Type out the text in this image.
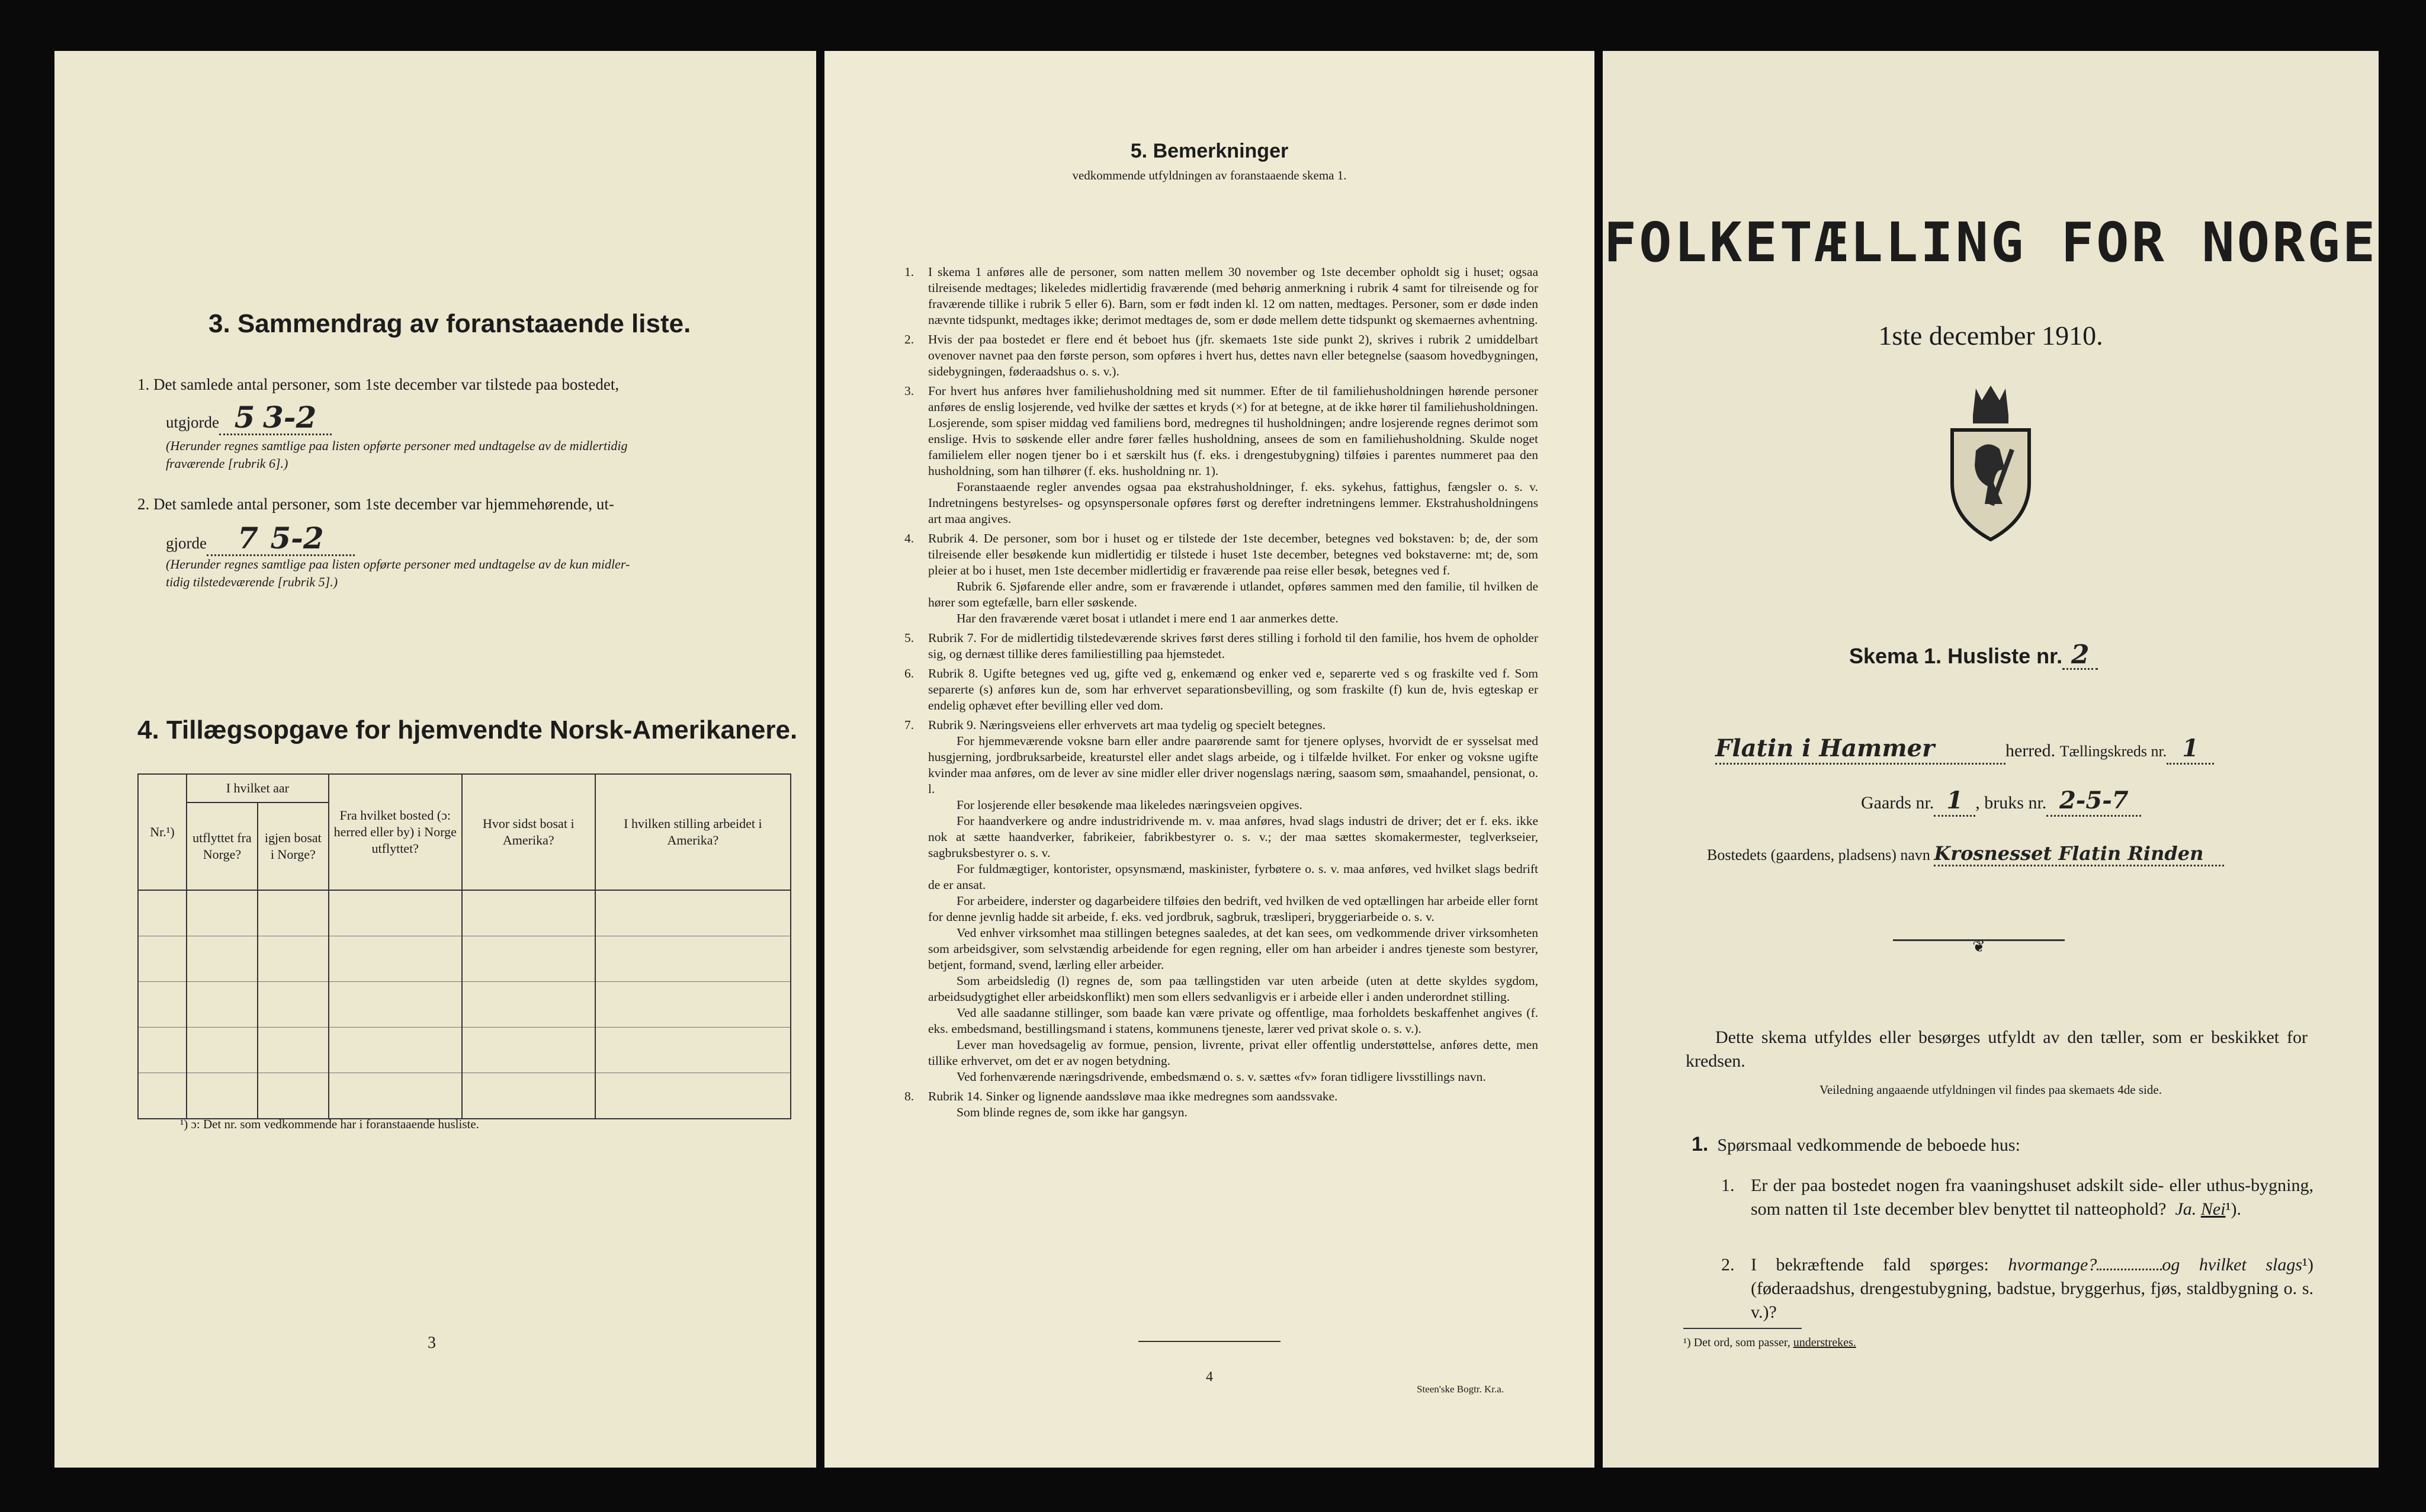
3. Sammendrag av foranstaaende liste.
1. Det samlede antal personer, som 1ste december var tilstede paa bostedet,
utgjorde 5 3-2
(Herunder regnes samtlige paa listen opførte personer med undtagelse av de midlertidig
fraværende [rubrik 6].)
2. Det samlede antal personer, som 1ste december var hjemmehørende, ut-
gjorde 7 5-2
(Herunder regnes samtlige paa listen opførte personer med undtagelse av de kun midler-
tidig tilstedeværende [rubrik 5].)
4. Tillægsopgave for hjemvendte Norsk-Amerikanere.
Nr.¹)	I hvilket aar		Fra hvilket bosted (ɔ: herred eller by) i Norge utflyttet?	Hvor sidst bosat i Amerika?	I hvilken stilling arbeidet i Amerika?
	utflyttet fra Norge?	igjen bosat i Norge?			

¹) ɔ: Det nr. som vedkommende har i foranstaaende husliste.
3
5. Bemerkninger
vedkommende utfyldningen av foranstaaende skema 1.
1. I skema 1 anføres alle de personer, som natten mellem 30 november og 1ste december opholdt sig i huset; ogsaa tilreisende medtages; likeledes midlertidig fraværende (med behørig anmerkning i rubrik 4 samt for tilreisende og for fraværende tillike i rubrik 5 eller 6). Barn, som er født inden kl. 12 om natten, medtages. Personer, som er døde inden nævnte tidspunkt, medtages ikke; derimot medtages de, som er døde mellem dette tidspunkt og skemaernes avhentning.

2. Hvis der paa bostedet er flere end ét beboet hus (jfr. skemaets 1ste side punkt 2), skrives i rubrik 2 umiddelbart ovenover navnet paa den første person, som opføres i hvert hus, dettes navn eller betegnelse (saasom hovedbygningen, sidebygningen, føderaadshus o. s. v.).

3. For hvert hus anføres hver familiehusholdning med sit nummer. Efter de til familiehusholdningen hørende personer anføres de enslig losjerende, ved hvilke der sættes et kryds (×) for at betegne, at de ikke hører til familiehusholdningen. Losjerende, som spiser middag ved familiens bord, medregnes til husholdningen; andre losjerende regnes derimot som enslige. Hvis to søskende eller andre fører fælles husholdning, ansees de som en familiehusholdning. Skulde noget familielem eller nogen tjener bo i et særskilt hus (f. eks. i drengestubygning) tilføies i parentes nummeret paa den husholdning, som han tilhører (f. eks. husholdning nr. 1).

Foranstaaende regler anvendes ogsaa paa ekstrahusholdninger, f. eks. sykehus, fattighus, fængsler o. s. v. Indretningens bestyrelses- og opsynspersonale opføres først og derefter indretningens lemmer. Ekstrahusholdningens art maa angives.

4. Rubrik 4. De personer, som bor i huset og er tilstede der 1ste december, betegnes ved bokstaven: b; de, der som tilreisende eller besøkende kun midlertidig er tilstede i huset 1ste december, betegnes ved bokstaverne: mt; de, som pleier at bo i huset, men 1ste december midlertidig er fraværende paa reise eller besøk, betegnes ved f.

Rubrik 6. Sjøfarende eller andre, som er fraværende i utlandet, opføres sammen med den familie, til hvilken de hører som egtefælle, barn eller søskende.

Har den fraværende været bosat i utlandet i mere end 1 aar anmerkes dette.

5. Rubrik 7. For de midlertidig tilstedeværende skrives først deres stilling i forhold til den familie, hos hvem de opholder sig, og dernæst tillike deres familiestilling paa hjemstedet.

6. Rubrik 8. Ugifte betegnes ved ug, gifte ved g, enkemænd og enker ved e, separerte ved s og fraskilte ved f. Som separerte (s) anføres kun de, som har erhvervet separationsbevilling, og som fraskilte (f) kun de, hvis egteskap er endelig ophævet efter bevilling eller ved dom.

7. Rubrik 9. Næringsveiens eller erhvervets art maa tydelig og specielt betegnes.

For hjemmeværende voksne barn eller andre paarørende samt for tjenere oplyses, hvorvidt de er sysselsat med husgjerning, jordbruksarbeide, kreaturstel eller andet slags arbeide, og i tilfælde hvilket. For enker og voksne ugifte kvinder maa anføres, om de lever av sine midler eller driver nogenslags næring, saasom søm, smaahandel, pensionat, o. l.

For losjerende eller besøkende maa likeledes næringsveien opgives.

For haandverkere og andre industridrivende m. v. maa anføres, hvad slags industri de driver; det er f. eks. ikke nok at sætte haandverker, fabrikeier, fabrikbestyrer o. s. v.; der maa sættes skomakermester, teglverkseier, sagbruksbestyrer o. s. v.

For fuldmægtiger, kontorister, opsynsmænd, maskinister, fyrbøtere o. s. v. maa anføres, ved hvilket slags bedrift de er ansat.

For arbeidere, inderster og dagarbeidere tilføies den bedrift, ved hvilken de ved optællingen har arbeide eller fornt for denne jevnlig hadde sit arbeide, f. eks. ved jordbruk, sagbruk, træsliperi, bryggeriarbeide o. s. v.

Ved enhver virksomhet maa stillingen betegnes saaledes, at det kan sees, om vedkommende driver virksomheten som arbeidsgiver, som selvstændig arbeidende for egen regning, eller om han arbeider i andres tjeneste som bestyrer, betjent, formand, svend, lærling eller arbeider.

Som arbeidsledig (l) regnes de, som paa tællingstiden var uten arbeide (uten at dette skyldes sygdom, arbeidsudygtighet eller arbeidskonflikt) men som ellers sedvanligvis er i arbeide eller i anden underordnet stilling.

Ved alle saadanne stillinger, som baade kan være private og offentlige, maa forholdets beskaffenhet angives (f. eks. embedsmand, bestillingsmand i statens, kommunens tjeneste, lærer ved privat skole o. s. v.).

Lever man hovedsagelig av formue, pension, livrente, privat eller offentlig understøttelse, anføres dette, men tillike erhvervet, om det er av nogen betydning.

Ved forhenværende næringsdrivende, embedsmænd o. s. v. sættes «fv» foran tidligere livsstillings navn.

8. Rubrik 14. Sinker og lignende aandssløve maa ikke medregnes som aandssvake.

Som blinde regnes de, som ikke har gangsyn.

4
Steen'ske Bogtr. Kr.a.
FOLKETÆLLING FOR NORGE
1ste december 1910.
Skema 1. Husliste nr. 2
Flatin i Hammer	herred. Tællingskreds nr. 1
Gaards nr. 1 , bruks nr. 2-5-7
Bostedets (gaardens, pladsens) navn Krosnesset Flatin Rinden
❦
Dette skema utfyldes eller besørges utfyldt av den tæller, som er beskikket for kredsen.
Veiledning angaaende utfyldningen vil findes paa skemaets 4de side.
1. Spørsmaal vedkommende de beboede hus:
1. Er der paa bostedet nogen fra vaaningshuset adskilt side- eller uthus-bygning, som natten til 1ste december blev benyttet til natteophold? Ja. Nei¹).
2. I bekræftende fald spørges: hvormange?	og hvilket slags¹) (føderaadshus, drengestubygning, badstue, bryggerhus, fjøs, staldbygning o. s. v.)?
¹) Det ord, som passer, understrekes.
